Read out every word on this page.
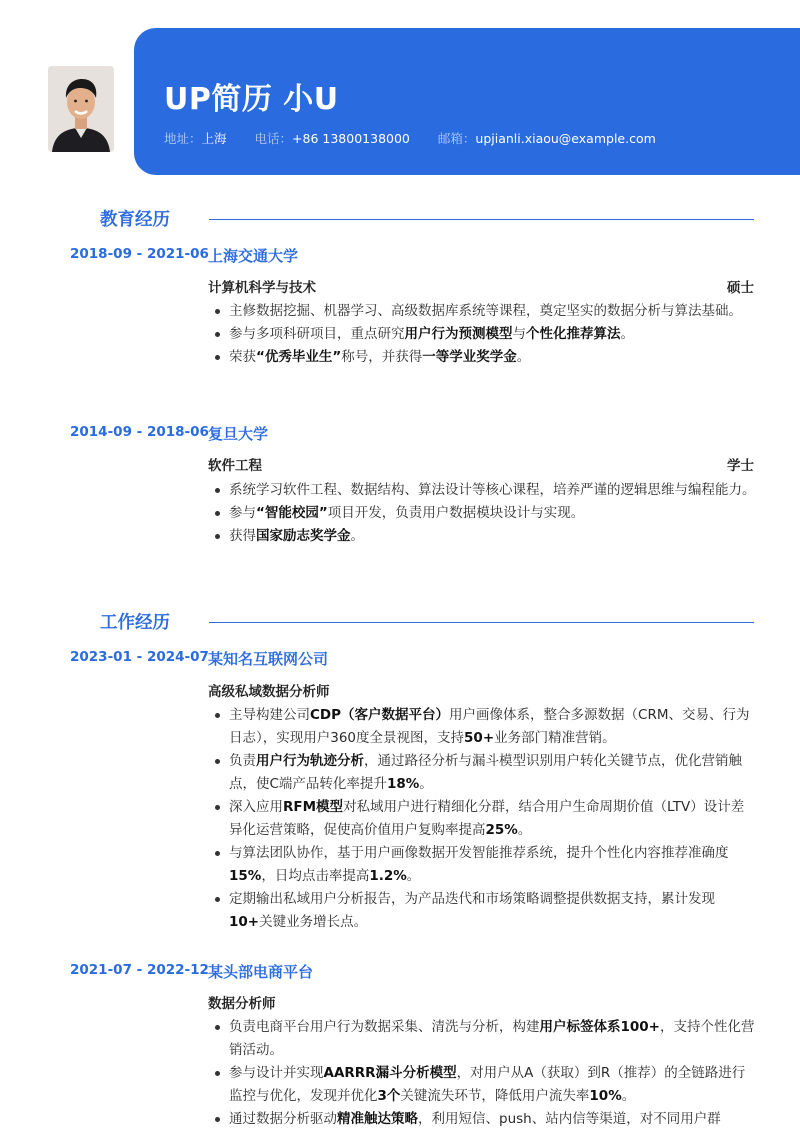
UP简历 小U
地址：上海 电话：+86 13800138000 邮箱：upjianli.xiaou@example.com
教育经历
2018-09 - 2021-06 上海交通大学
计算机科学与技术	硕士
主修数据挖掘、机器学习、高级数据库系统等课程，奠定坚实的数据分析与算法基础。
参与多项科研项目，重点研究用户行为预测模型与个性化推荐算法。
荣获“优秀毕业生”称号，并获得一等学业奖学金。
2014-09 - 2018-06 复旦大学
软件工程	学士
系统学习软件工程、数据结构、算法设计等核心课程，培养严谨的逻辑思维与编程能力。
参与“智能校园”项目开发，负责用户数据模块设计与实现。
获得国家励志奖学金。
工作经历
2023-01 - 2024-07 某知名互联网公司
高级私域数据分析师
主导构建公司CDP（客户数据平台）用户画像体系，整合多源数据（CRM、交易、行为日志），实现用户360度全景视图，支持50+业务部门精准营销。
负责用户行为轨迹分析，通过路径分析与漏斗模型识别用户转化关键节点，优化营销触点，使C端产品转化率提升18%。
深入应用RFM模型对私域用户进行精细化分群，结合用户生命周期价值（LTV）设计差异化运营策略，促使高价值用户复购率提高25%。
与算法团队协作，基于用户画像数据开发智能推荐系统，提升个性化内容推荐准确度15%，日均点击率提高1.2%。
定期输出私域用户分析报告，为产品迭代和市场策略调整提供数据支持，累计发现10+关键业务增长点。
2021-07 - 2022-12 某头部电商平台
数据分析师
负责电商平台用户行为数据采集、清洗与分析，构建用户标签体系100+，支持个性化营销活动。
参与设计并实现AARRR漏斗分析模型，对用户从A（获取）到R（推荐）的全链路进行监控与优化，发现并优化3个关键流失环节，降低用户流失率10%。
通过数据分析驱动精准触达策略，利用短信、push、站内信等渠道，对不同用户群
